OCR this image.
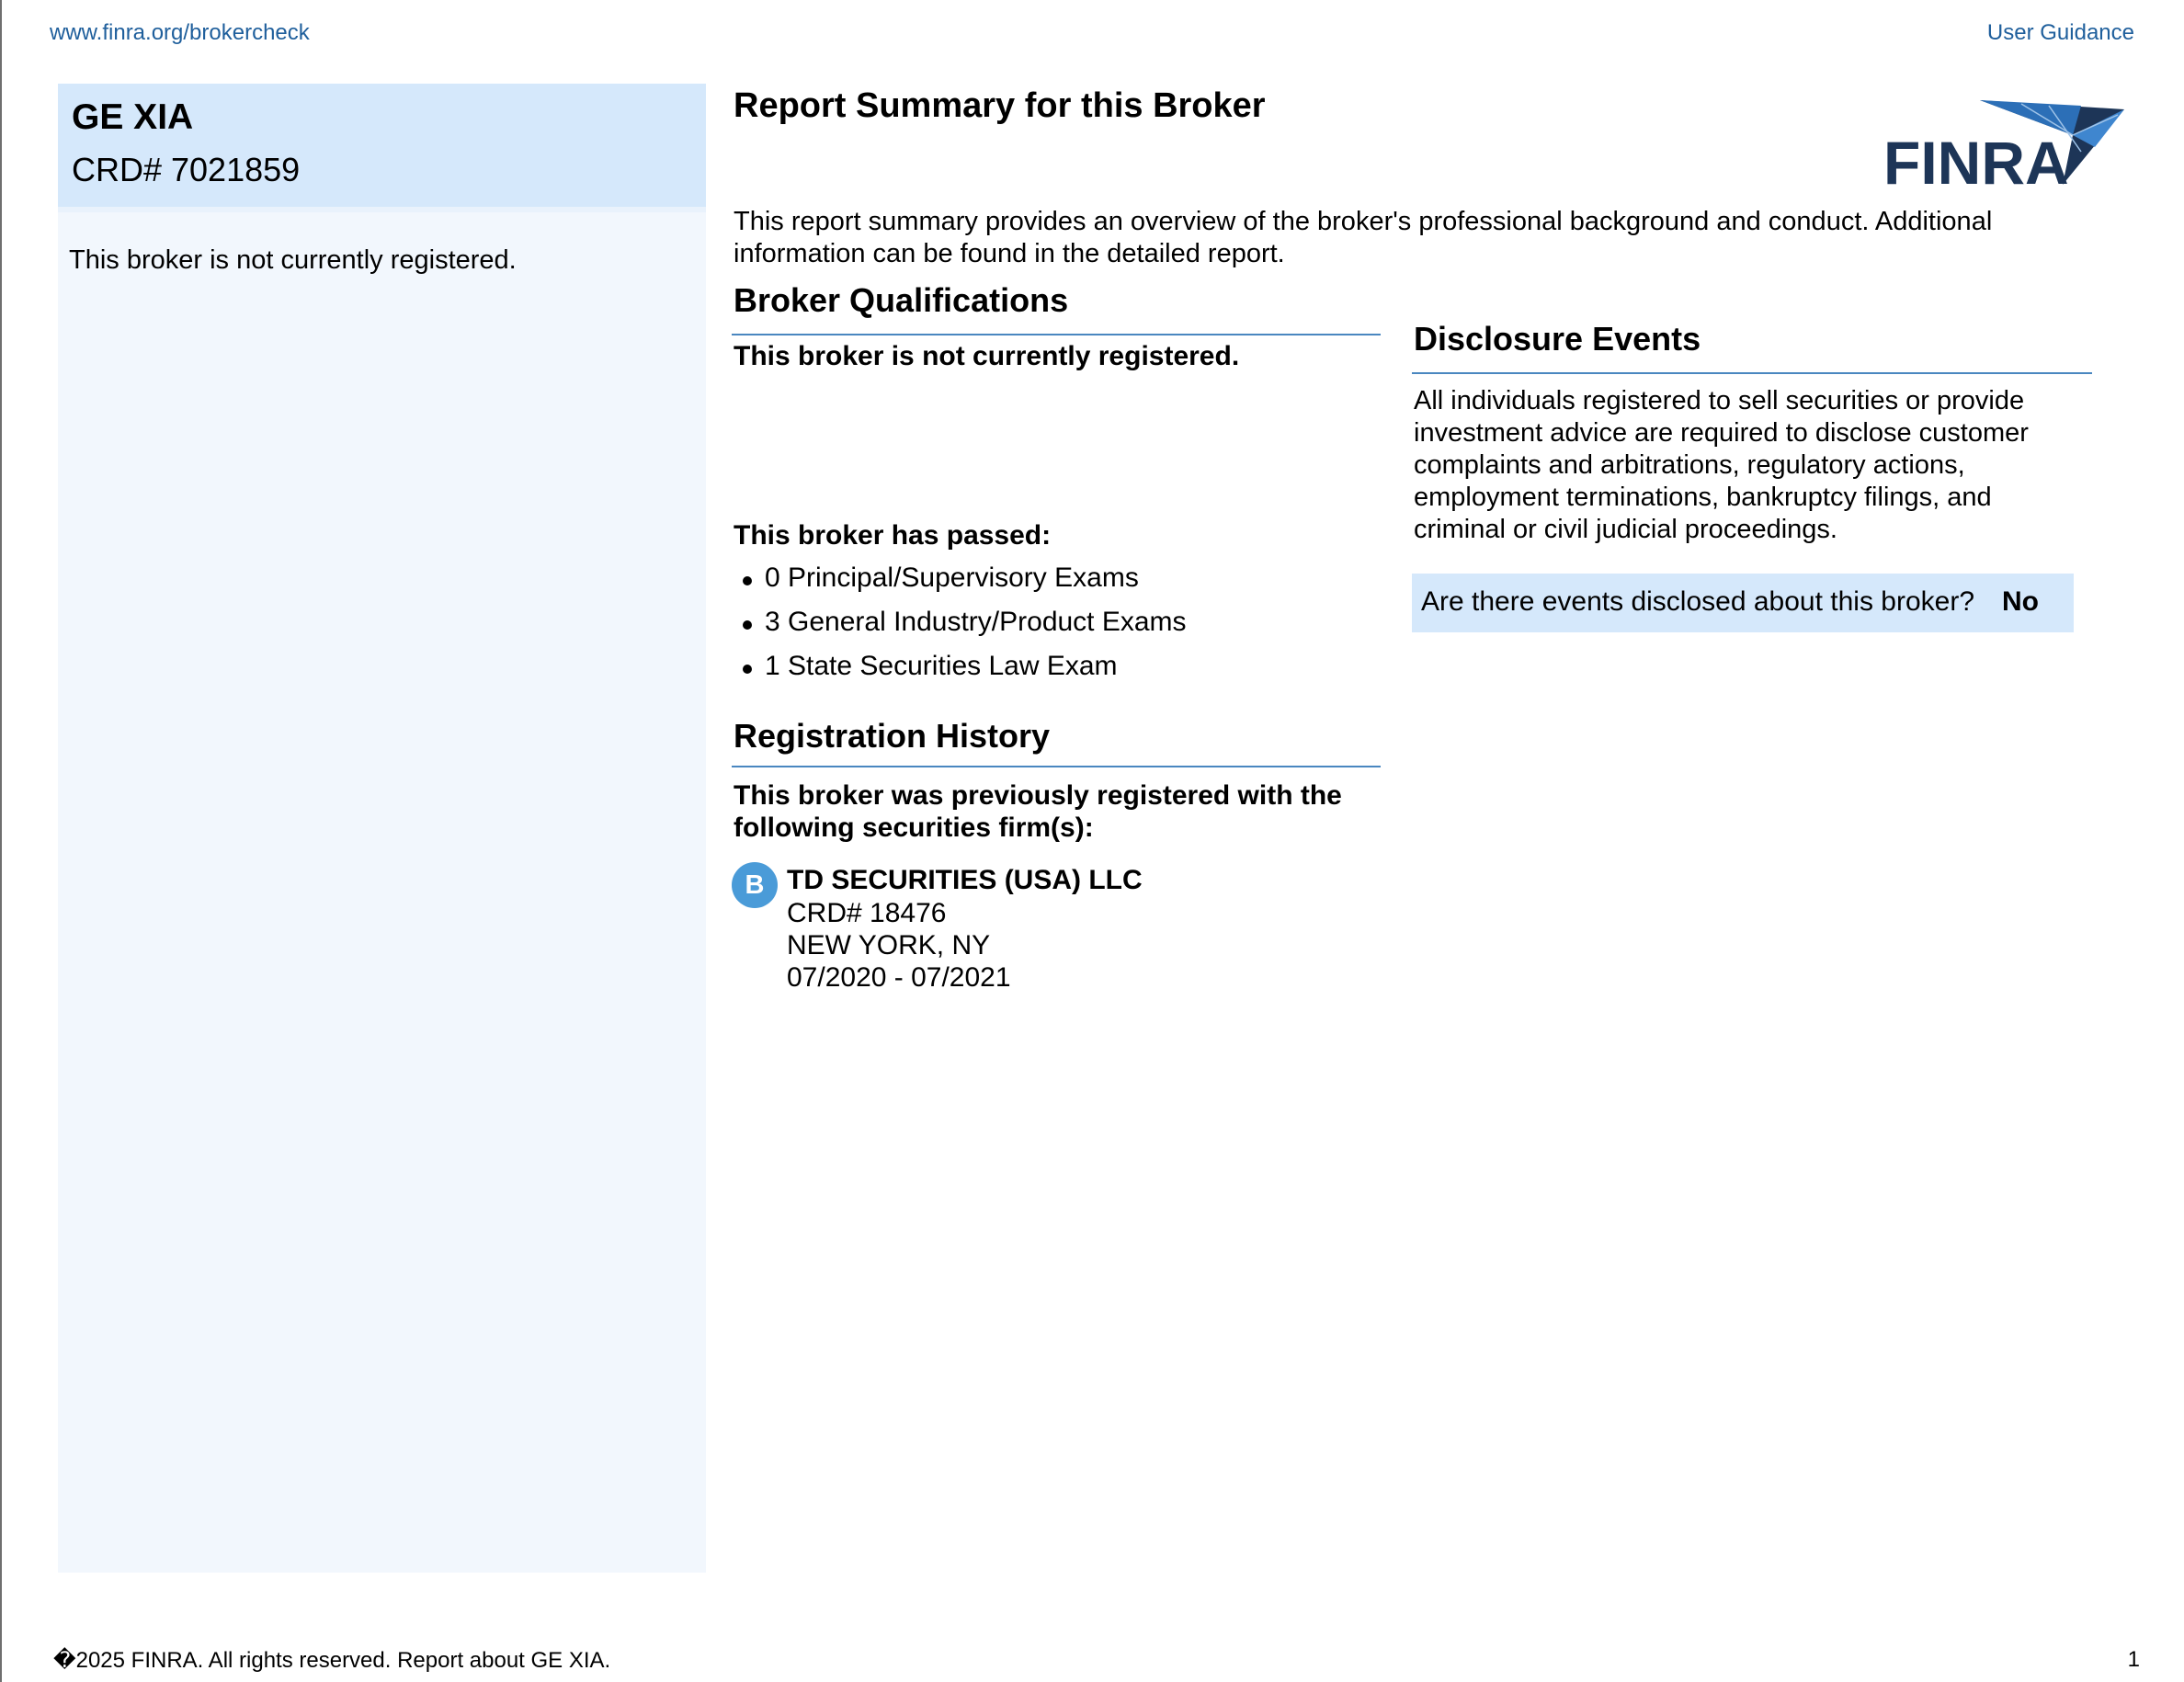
www.finra.org/brokercheck	User Guidance
GE XIA
CRD# 7021859
This broker is not currently registered.
Report Summary for this Broker
FINRA
This report summary provides an overview of the broker's professional background and conduct. Additional information can be found in the detailed report.
Broker Qualifications
This broker is not currently registered.
This broker has passed:
0 Principal/Supervisory Exams
3 General Industry/Product Exams
1 State Securities Law Exam
Registration History
This broker was previously registered with the following securities firm(s):
B TD SECURITIES (USA) LLC
CRD# 18476
NEW YORK, NY
07/2020 - 07/2021
Disclosure Events
All individuals registered to sell securities or provide investment advice are required to disclose customer complaints and arbitrations, regulatory actions, employment terminations, bankruptcy filings, and criminal or civil judicial proceedings.
Are there events disclosed about this broker? No
�2025 FINRA. All rights reserved. Report about GE XIA.	1
